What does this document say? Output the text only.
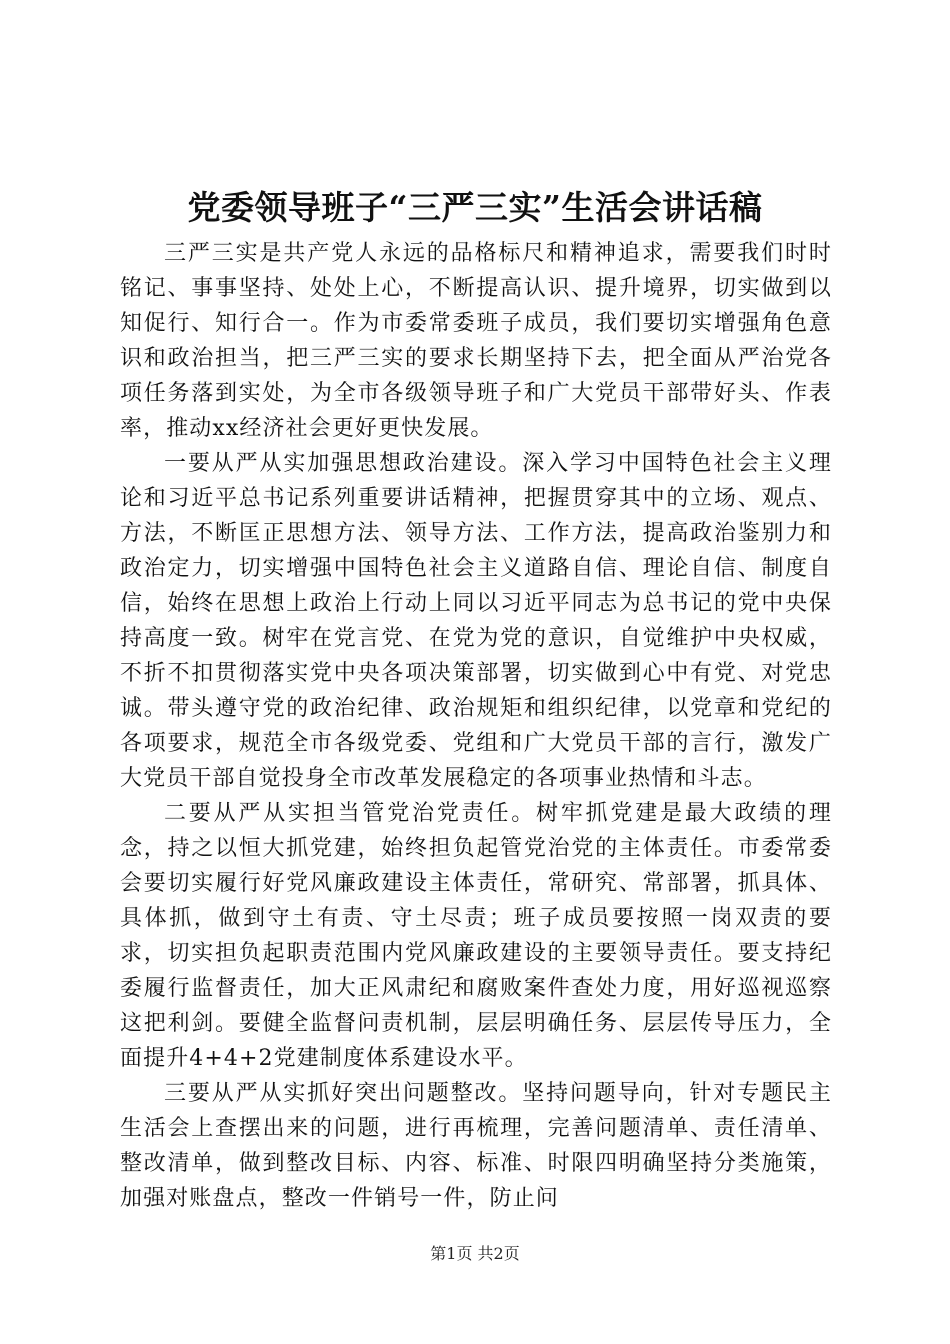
党委领导班子“三严三实”生活会讲话稿

三严三实是共产党人永远的品格标尺和精神追求，需要我们时时铭记、事事坚持、处处上心，不断提高认识、提升境界，切实做到以知促行、知行合一。作为市委常委班子成员，我们要切实增强角色意识和政治担当，把三严三实的要求长期坚持下去，把全面从严治党各项任务落到实处，为全市各级领导班子和广大党员干部带好头、作表率，推动xx经济社会更好更快发展。

一要从严从实加强思想政治建设。深入学习中国特色社会主义理论和习近平总书记系列重要讲话精神，把握贯穿其中的立场、观点、方法，不断匡正思想方法、领导方法、工作方法，提高政治鉴别力和政治定力，切实增强中国特色社会主义道路自信、理论自信、制度自信，始终在思想上政治上行动上同以习近平同志为总书记的党中央保持高度一致。树牢在党言党、在党为党的意识，自觉维护中央权威，不折不扣贯彻落实党中央各项决策部署，切实做到心中有党、对党忠诚。带头遵守党的政治纪律、政治规矩和组织纪律，以党章和党纪的各项要求，规范全市各级党委、党组和广大党员干部的言行，激发广大党员干部自觉投身全市改革发展稳定的各项事业热情和斗志。

二要从严从实担当管党治党责任。树牢抓党建是最大政绩的理念，持之以恒大抓党建，始终担负起管党治党的主体责任。市委常委会要切实履行好党风廉政建设主体责任，常研究、常部署，抓具体、具体抓，做到守土有责、守土尽责；班子成员要按照一岗双责的要求，切实担负起职责范围内党风廉政建设的主要领导责任。要支持纪委履行监督责任，加大正风肃纪和腐败案件查处力度，用好巡视巡察这把利剑。要健全监督问责机制，层层明确任务、层层传导压力，全面提升4+4+2党建制度体系建设水平。

三要从严从实抓好突出问题整改。坚持问题导向，针对专题民主生活会上查摆出来的问题，进行再梳理，完善问题清单、责任清单、整改清单，做到整改目标、内容、标准、时限四明确坚持分类施策，加强对账盘点，整改一件销号一件，防止问

第1页 共2页
